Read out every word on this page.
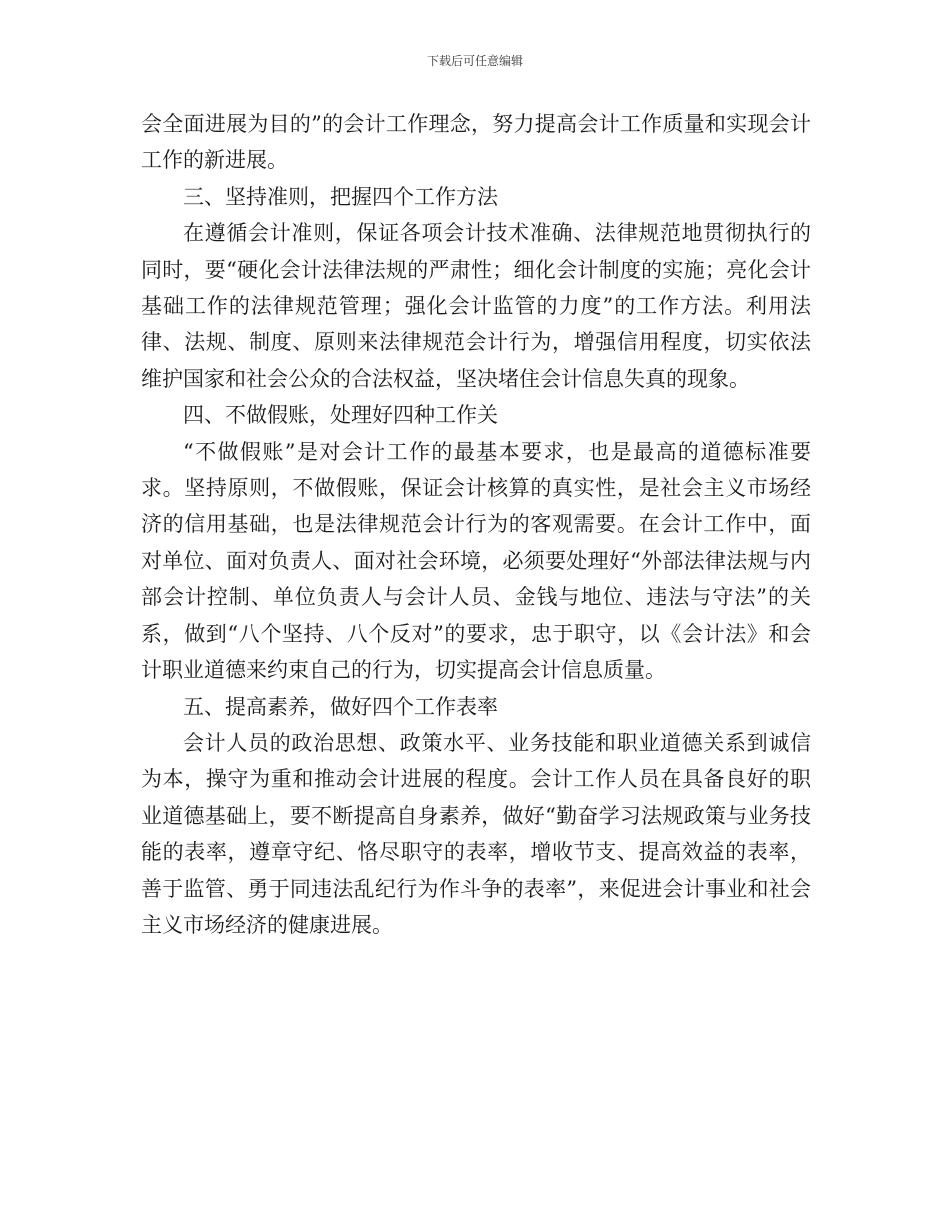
下载后可任意编辑

会全面进展为目的”的会计工作理念，努力提高会计工作质量和实现会计工作的新进展。

三、坚持准则，把握四个工作方法

在遵循会计准则，保证各项会计技术准确、法律规范地贯彻执行的同时，要“硬化会计法律法规的严肃性；细化会计制度的实施；亮化会计基础工作的法律规范管理；强化会计监管的力度”的工作方法。利用法律、法规、制度、原则来法律规范会计行为，增强信用程度，切实依法维护国家和社会公众的合法权益，坚决堵住会计信息失真的现象。

四、不做假账，处理好四种工作关

“不做假账”是对会计工作的最基本要求，也是最高的道德标准要求。坚持原则，不做假账，保证会计核算的真实性，是社会主义市场经济的信用基础，也是法律规范会计行为的客观需要。在会计工作中，面对单位、面对负责人、面对社会环境，必须要处理好“外部法律法规与内部会计控制、单位负责人与会计人员、金钱与地位、违法与守法”的关系，做到“八个坚持、八个反对”的要求，忠于职守，以《会计法》和会计职业道德来约束自己的行为，切实提高会计信息质量。

五、提高素养，做好四个工作表率

会计人员的政治思想、政策水平、业务技能和职业道德关系到诚信为本，操守为重和推动会计进展的程度。会计工作人员在具备良好的职业道德基础上，要不断提高自身素养，做好“勤奋学习法规政策与业务技能的表率，遵章守纪、恪尽职守的表率，增收节支、提高效益的表率，善于监管、勇于同违法乱纪行为作斗争的表率”，来促进会计事业和社会主义市场经济的健康进展。
